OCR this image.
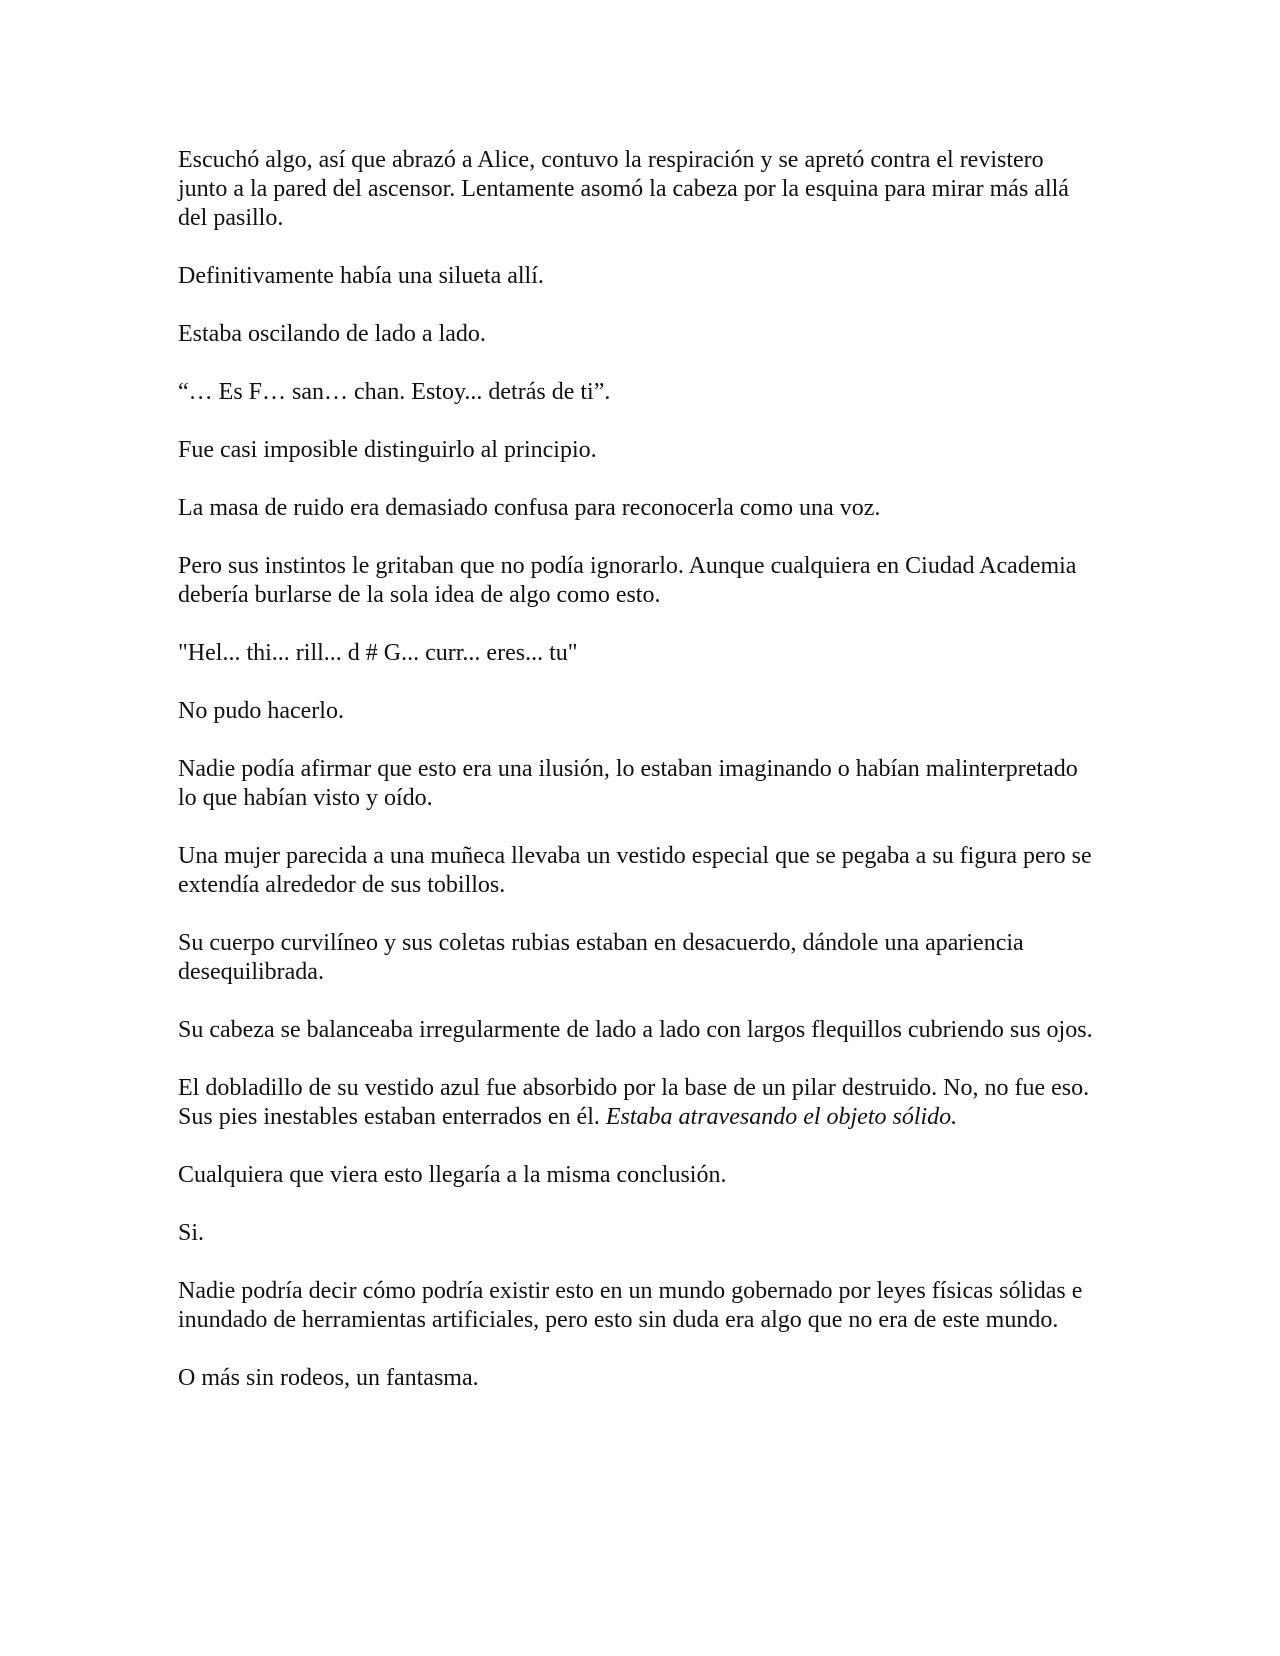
Escuchó algo, así que abrazó a Alice, contuvo la respiración y se apretó contra el revistero junto a la pared del ascensor. Lentamente asomó la cabeza por la esquina para mirar más allá del pasillo.

Definitivamente había una silueta allí.

Estaba oscilando de lado a lado.

“… Es F… san… chan. Estoy... detrás de ti”.

Fue casi imposible distinguirlo al principio.

La masa de ruido era demasiado confusa para reconocerla como una voz.

Pero sus instintos le gritaban que no podía ignorarlo. Aunque cualquiera en Ciudad Academia debería burlarse de la sola idea de algo como esto.

"Hel... thi... rill... d # G... curr... eres... tu"

No pudo hacerlo.

Nadie podía afirmar que esto era una ilusión, lo estaban imaginando o habían malinterpretado lo que habían visto y oído.

Una mujer parecida a una muñeca llevaba un vestido especial que se pegaba a su figura pero se extendía alrededor de sus tobillos.

Su cuerpo curvilíneo y sus coletas rubias estaban en desacuerdo, dándole una apariencia desequilibrada.

Su cabeza se balanceaba irregularmente de lado a lado con largos flequillos cubriendo sus ojos.

El dobladillo de su vestido azul fue absorbido por la base de un pilar destruido. No, no fue eso. Sus pies inestables estaban enterrados en él. Estaba atravesando el objeto sólido.

Cualquiera que viera esto llegaría a la misma conclusión.

Si.

Nadie podría decir cómo podría existir esto en un mundo gobernado por leyes físicas sólidas e inundado de herramientas artificiales, pero esto sin duda era algo que no era de este mundo.

O más sin rodeos, un fantasma.
